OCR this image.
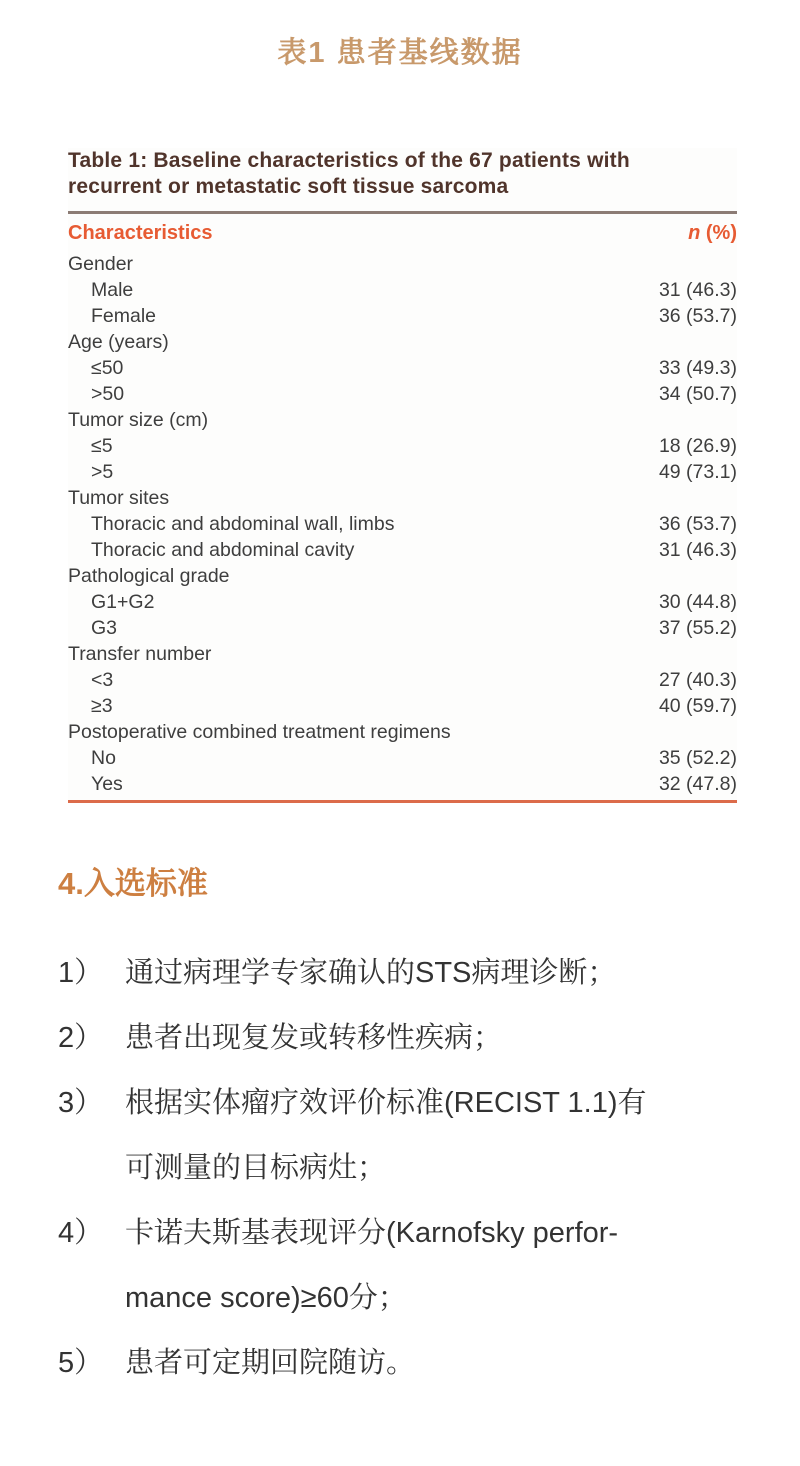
表1 患者基线数据
Table 1: Baseline characteristics of the 67 patients with
recurrent or metastatic soft tissue sarcoma
Characteristics	n (%)
Gender
Male	31 (46.3)
Female	36 (53.7)
Age (years)
≤50	33 (49.3)
>50	34 (50.7)
Tumor size (cm)
≤5	18 (26.9)
>5	49 (73.1)
Tumor sites
Thoracic and abdominal wall, limbs	36 (53.7)
Thoracic and abdominal cavity	31 (46.3)
Pathological grade
G1+G2	30 (44.8)
G3	37 (55.2)
Transfer number
<3	27 (40.3)
≥3	40 (59.7)
Postoperative combined treatment regimens
No	35 (52.2)
Yes	32 (47.8)
4.入选标准
1） 通过病理学专家确认的STS病理诊断；
2） 患者出现复发或转移性疾病；
3） 根据实体瘤疗效评价标准(RECIST 1.1)有
可测量的目标病灶；
4） 卡诺夫斯基表现评分(Karnofsky perfor-
mance score)≥60分；
5） 患者可定期回院随访。
